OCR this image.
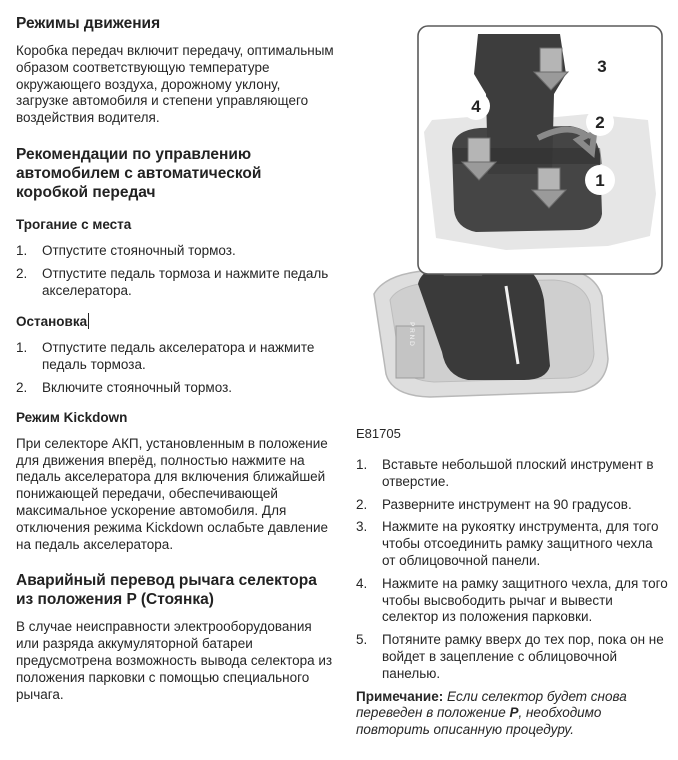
Режимы движения

Коробка передач включит передачу, оптимальным образом соответствующую температуре окружающего воздуха, дорожному уклону, загрузке автомобиля и степени управляющего воздействия водителя.

Рекомендации по управлению автомобилем с автоматической коробкой передач
Трогание с места
1.	Отпустите стояночный тормоз.
2.	Отпустите педаль тормоза и нажмите педаль акселератора.
Остановка
1.	Отпустите педаль акселератора и нажмите педаль тормоза.
2.	Включите стояночный тормоз.
Режим Kickdown

При селекторе АКП, установленным в положение для движения вперёд, полностью нажмите на педаль акселератора для включения ближайшей понижающей передачи, обеспечивающей максимальное ускорение автомобиля. Для отключения режима Kickdown ослабьте давление на педаль акселератора.

Аварийный перевод рычага селектора из положения P (Стоянка)

В случае неисправности электрооборудования или разряда аккумуляторной батареи предусмотрена возможность вывода селектора из положения парковки с помощью специального рычага.

P R N D
3
2
4
1
E81705
1.	Вставьте небольшой плоский инструмент в отверстие.
2.	Разверните инструмент на 90 градусов.
3.	Нажмите на рукоятку инструмента, для того чтобы отсоединить рамку защитного чехла от облицовочной панели.
4.	Нажмите на рамку защитного чехла, для того чтобы высвободить рычаг и вывести селектор из положения парковки.
5.	Потяните рамку вверх до тех пор, пока он не войдет в зацепление с облицовочной панелью.

Примечание: Если селектор будет снова переведен в положение P, необходимо повторить описанную процедуру.
